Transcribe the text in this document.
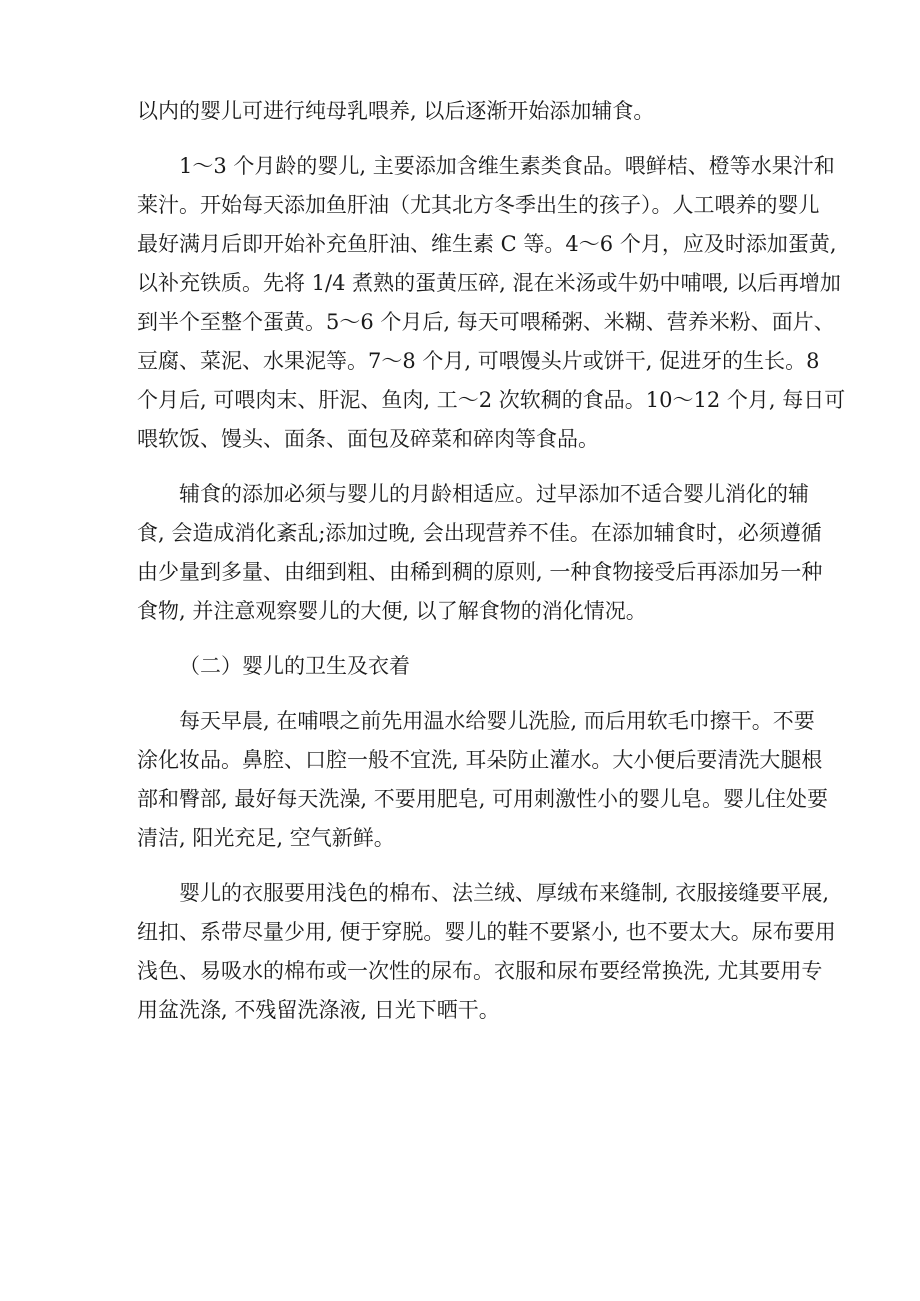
以内的婴儿可进行纯母乳喂养, 以后逐渐开始添加辅食。

1～3 个月龄的婴儿, 主要添加含维生素类食品。喂鲜桔、橙等水果汁和
莱汁。开始每天添加鱼肝油（尤其北方冬季出生的孩子）。人工喂养的婴儿
最好满月后即开始补充鱼肝油、维生素 C 等。4～6 个月，应及时添加蛋黄,
以补充铁质。先将 1/4 煮熟的蛋黄压碎, 混在米汤或牛奶中哺喂, 以后再增加
到半个至整个蛋黄。5～6 个月后, 每天可喂稀粥、米糊、营养米粉、面片、
豆腐、菜泥、水果泥等。7～8 个月, 可喂馒头片或饼干, 促进牙的生长。8
个月后, 可喂肉末、肝泥、鱼肉, 工～2 次软稠的食品。10～12 个月, 每日可
喂软饭、馒头、面条、面包及碎菜和碎肉等食品。

辅食的添加必须与婴儿的月龄相适应。过早添加不适合婴儿消化的辅
食, 会造成消化紊乱;添加过晚, 会出现营养不佳。在添加辅食时，必须遵循
由少量到多量、由细到粗、由稀到稠的原则, 一种食物接受后再添加另一种
食物, 并注意观察婴儿的大便, 以了解食物的消化情况。

（二）婴儿的卫生及衣着

每天早晨, 在哺喂之前先用温水给婴儿洗脸, 而后用软毛巾擦干。不要
涂化妆品。鼻腔、口腔一般不宜洗, 耳朵防止灌水。大小便后要清洗大腿根
部和臀部, 最好每天洗澡, 不要用肥皂, 可用刺激性小的婴儿皂。婴儿住处要
清洁, 阳光充足, 空气新鲜。

婴儿的衣服要用浅色的棉布、法兰绒、厚绒布来缝制, 衣服接缝要平展,
纽扣、系带尽量少用, 便于穿脱。婴儿的鞋不要紧小, 也不要太大。尿布要用
浅色、易吸水的棉布或一次性的尿布。衣服和尿布要经常换洗, 尤其要用专
用盆洗涤, 不残留洗涤液, 日光下晒干。
